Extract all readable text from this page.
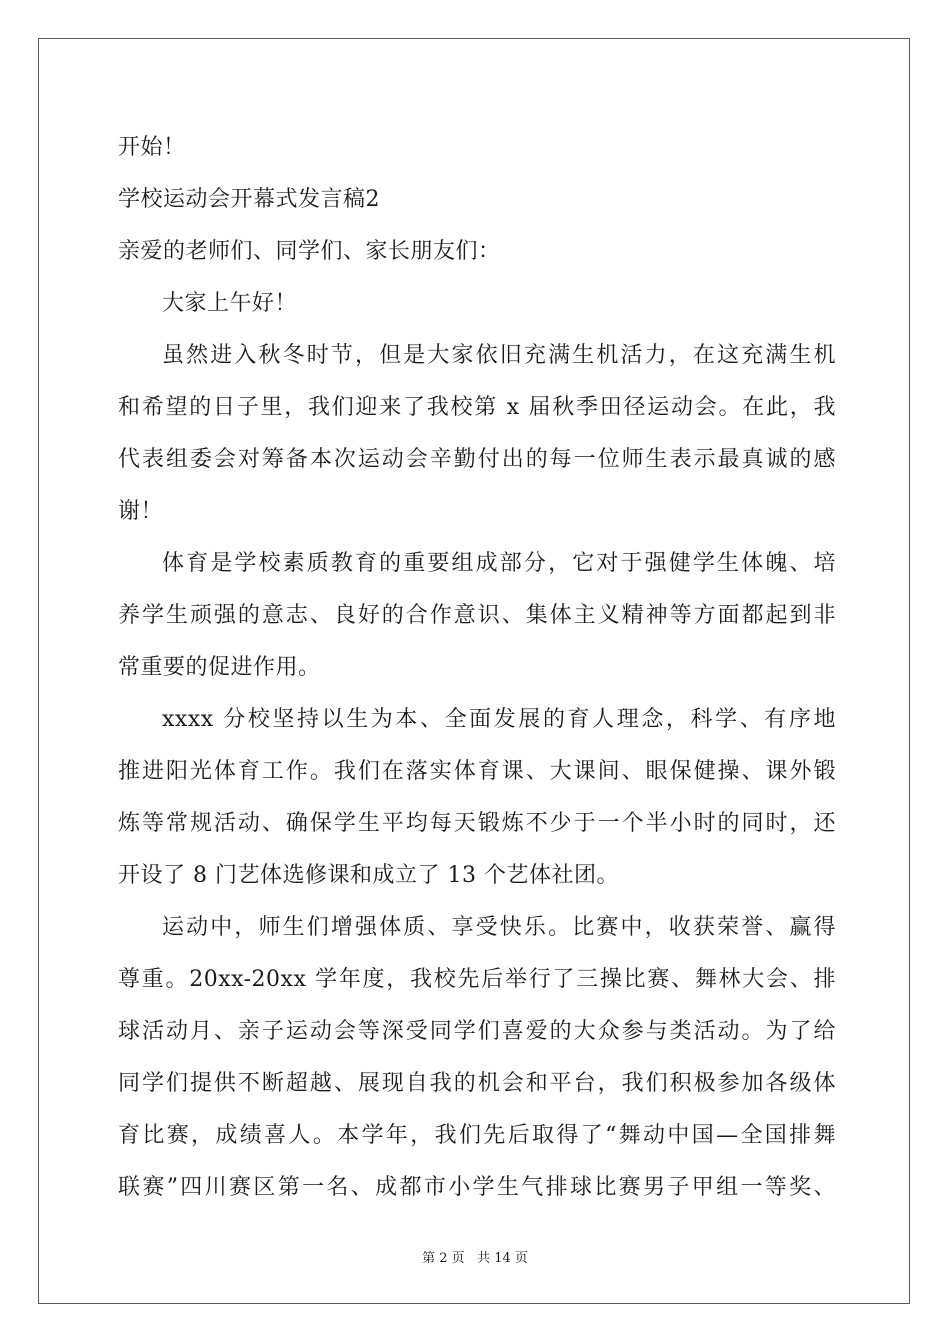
开始！
学校运动会开幕式发言稿2
亲爱的老师们、同学们、家长朋友们：
大家上午好！
虽然进入秋冬时节，但是大家依旧充满生机活力，在这充满生机
和希望的日子里，我们迎来了我校第 x 届秋季田径运动会。在此，我
代表组委会对筹备本次运动会辛勤付出的每一位师生表示最真诚的感
谢！
体育是学校素质教育的重要组成部分，它对于强健学生体魄、培
养学生顽强的意志、良好的合作意识、集体主义精神等方面都起到非
常重要的促进作用。
xxxx 分校坚持以生为本、全面发展的育人理念，科学、有序地
推进阳光体育工作。我们在落实体育课、大课间、眼保健操、课外锻
炼等常规活动、确保学生平均每天锻炼不少于一个半小时的同时，还
开设了 8 门艺体选修课和成立了 13 个艺体社团。
运动中，师生们增强体质、享受快乐。比赛中，收获荣誉、赢得
尊重。20xx-20xx 学年度，我校先后举行了三操比赛、舞林大会、排
球活动月、亲子运动会等深受同学们喜爱的大众参与类活动。为了给
同学们提供不断超越、展现自我的机会和平台，我们积极参加各级体
育比赛，成绩喜人。本学年，我们先后取得了“舞动中国—全国排舞
联赛”四川赛区第一名、成都市小学生气排球比赛男子甲组一等奖、
第 2 页 共 14 页
